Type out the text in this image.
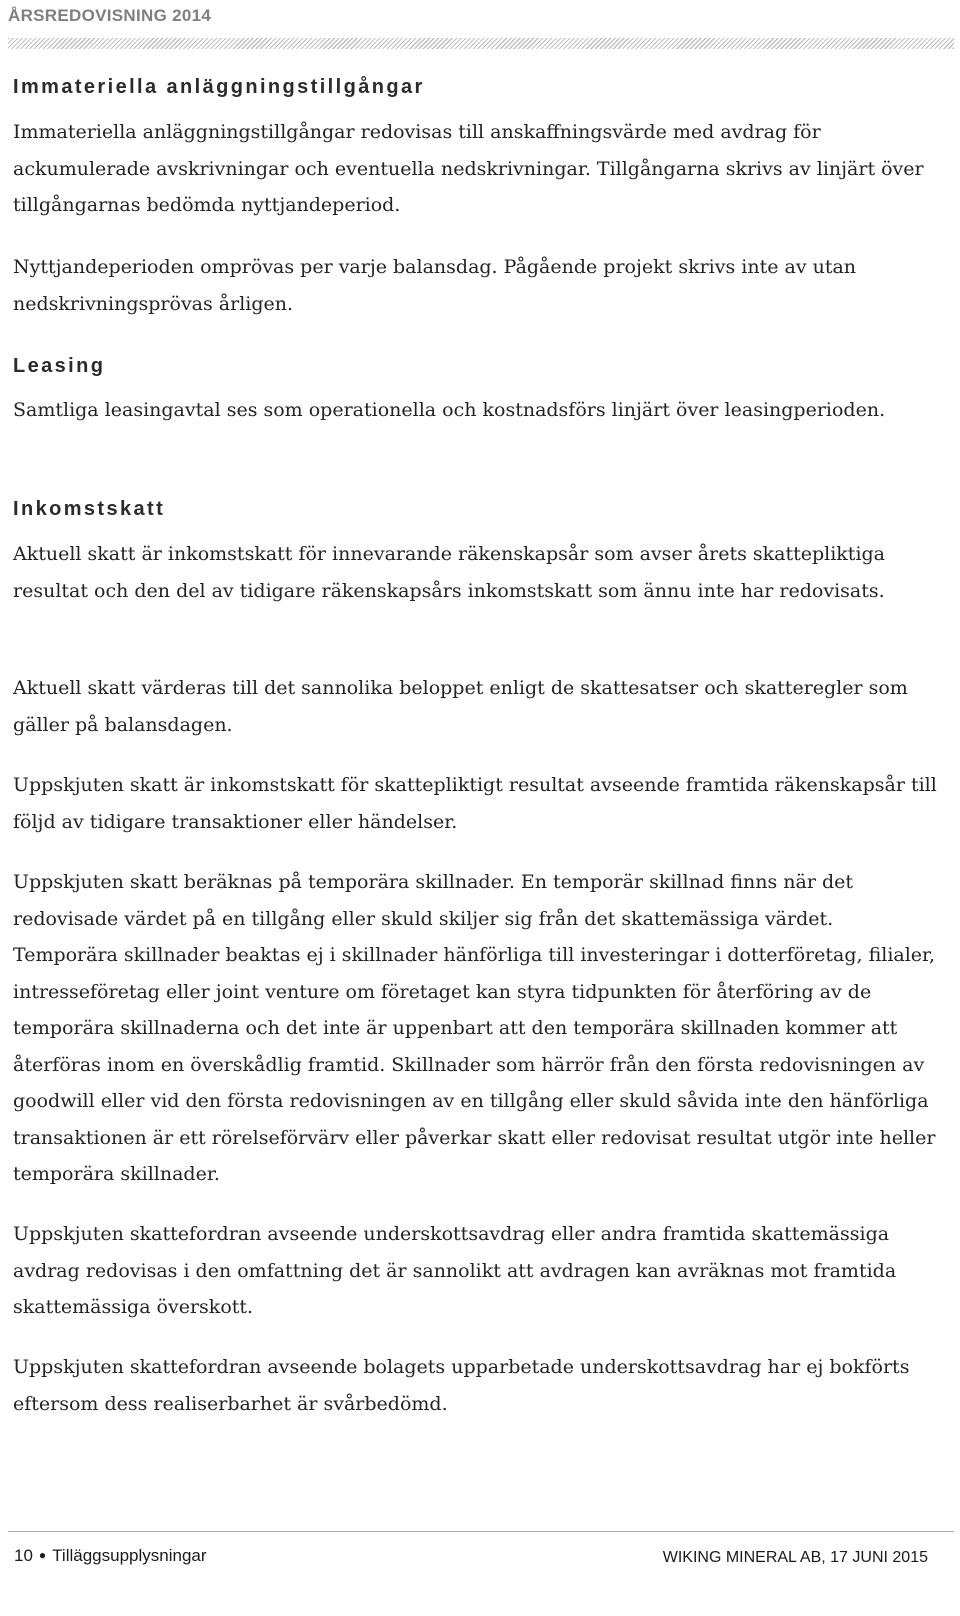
ÅRSREDOVISNING 2014
Immateriella anläggningstillgångar

Immateriella anläggningstillgångar redovisas till anskaffningsvärde med avdrag för ackumulerade avskrivningar och eventuella nedskrivningar. Tillgångarna skrivs av linjärt över tillgångarnas bedömda nyttjandeperiod.

Nyttjandeperioden omprövas per varje balansdag. Pågående projekt skrivs inte av utan nedskrivningsprövas årligen.

Leasing

Samtliga leasingavtal ses som operationella och kostnadsförs linjärt över leasingperioden.

Inkomstskatt

Aktuell skatt är inkomstskatt för innevarande räkenskapsår som avser årets skattepliktiga resultat och den del av tidigare räkenskapsårs inkomstskatt som ännu inte har redovisats.

Aktuell skatt värderas till det sannolika beloppet enligt de skattesatser och skatteregler som gäller på balansdagen.

Uppskjuten skatt är inkomstskatt för skattepliktigt resultat avseende framtida räkenskapsår till följd av tidigare transaktioner eller händelser.

Uppskjuten skatt beräknas på temporära skillnader. En temporär skillnad finns när det redovisade värdet på en tillgång eller skuld skiljer sig från det skattemässiga värdet. Temporära skillnader beaktas ej i skillnader hänförliga till investeringar i dotterföretag, filialer, intresseföretag eller joint venture om företaget kan styra tidpunkten för återföring av de temporära skillnaderna och det inte är uppenbart att den temporära skillnaden kommer att återföras inom en överskådlig framtid. Skillnader som härrör från den första redovisningen av goodwill eller vid den första redovisningen av en tillgång eller skuld såvida inte den hänförliga transaktionen är ett rörelseförvärv eller påverkar skatt eller redovisat resultat utgör inte heller temporära skillnader.

Uppskjuten skattefordran avseende underskottsavdrag eller andra framtida skattemässiga avdrag redovisas i den omfattning det är sannolikt att avdragen kan avräknas mot framtida skattemässiga överskott.

Uppskjuten skattefordran avseende bolagets upparbetade underskottsavdrag har ej bokförts eftersom dess realiserbarhet är svårbedömd.

10 ● Tilläggsupplysningar	WIKING MINERAL AB, 17 JUNI 2015
